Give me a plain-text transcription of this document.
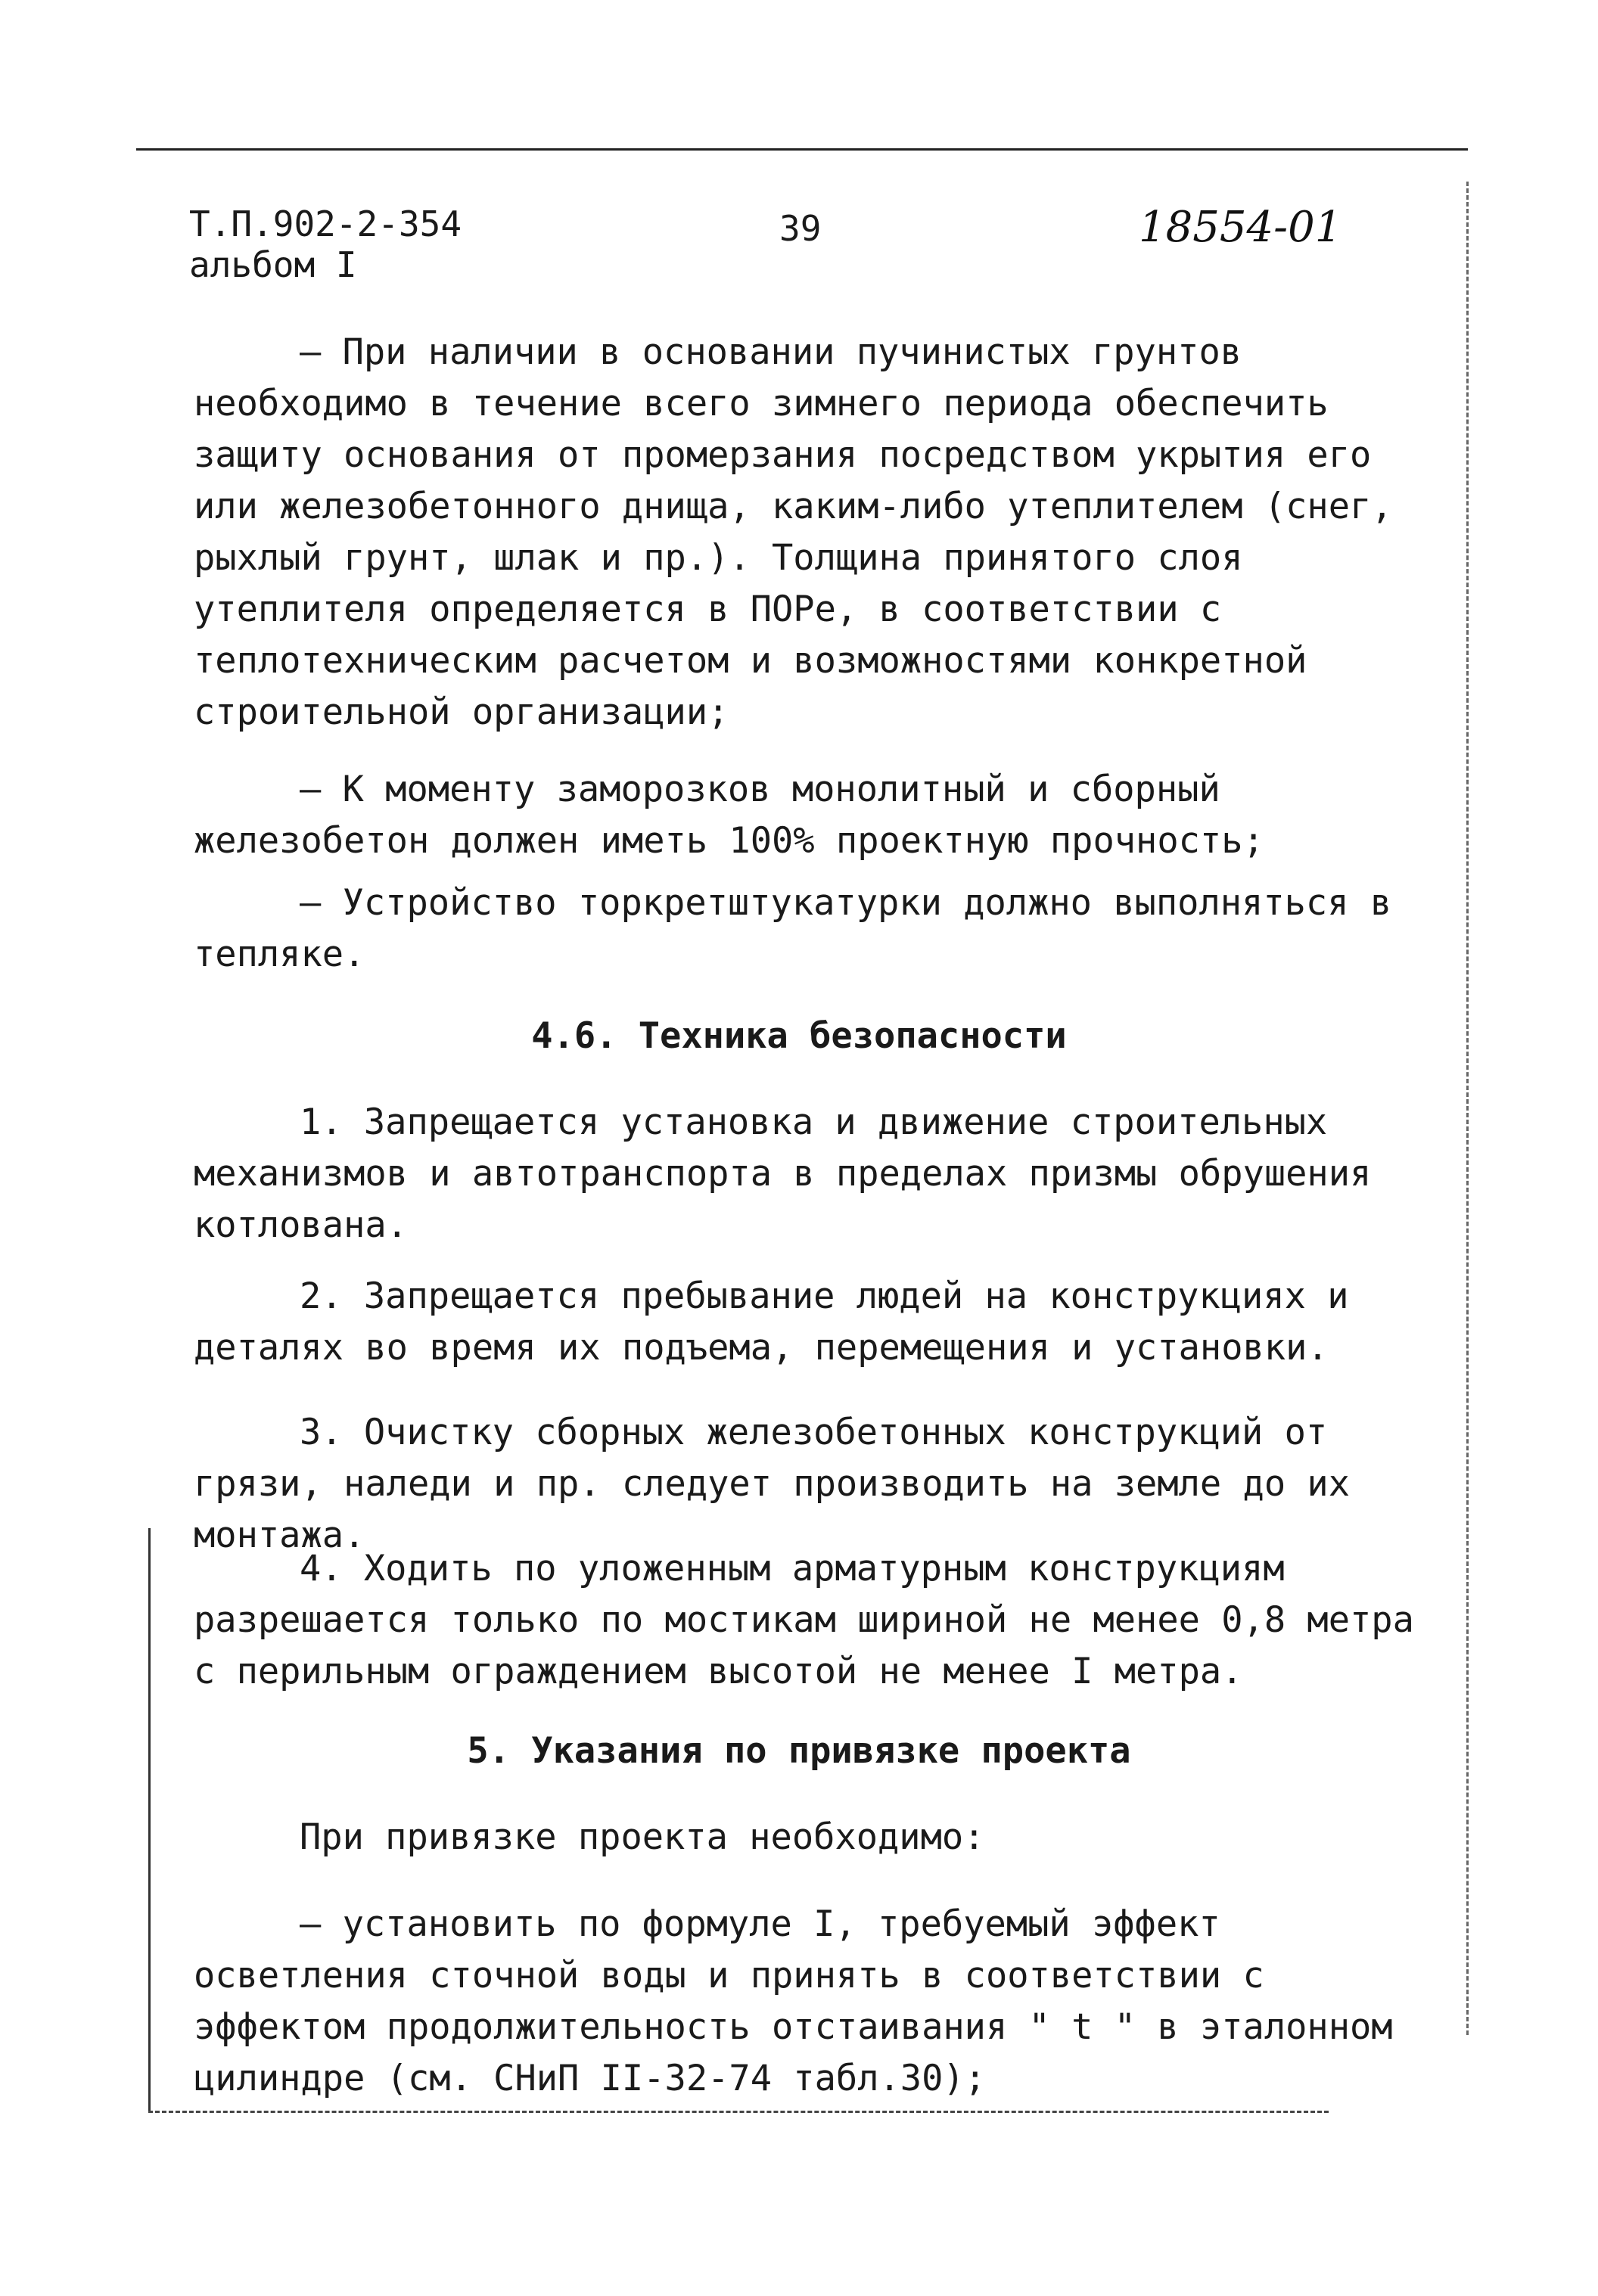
Т.П.902-2-354	39	18554-01
альбом I

– При наличии в основании пучинистых грунтов необходимо в течение всего зимнего периода обеспечить защиту основания от промерзания посредством укрытия его или железобетонного днища, каким-либо утеплителем (снег, рыхлый грунт, шлак и пр.). Толщина принятого слоя утеплителя определяется в ПОРе, в соответствии с теплотехническим расчетом и возможностями конкретной строительной организации;

– К моменту заморозков монолитный и сборный железобетон должен иметь 100% проектную прочность;

– Устройство торкретштукатурки должно выполняться в тепляке.

4.6. Техника безопасности

1. Запрещается установка и движение строительных механизмов и автотранспорта в пределах призмы обрушения котлована.

2. Запрещается пребывание людей на конструкциях и деталях во время их подъема, перемещения и установки.

3. Очистку сборных железобетонных конструкций от грязи, наледи и пр. следует производить на земле до их монтажа.

4. Ходить по уложенным арматурным конструкциям разрешается только по мостикам шириной не менее 0,8 метра с перильным ограждением высотой не менее I метра.

5. Указания по привязке проекта

При привязке проекта необходимо:

– установить по формуле I, требуемый эффект осветления сточной воды и принять в соответствии с эффектом продолжительность отстаивания " t " в эталонном цилиндре (см. СНиП II-32-74 табл.30);
